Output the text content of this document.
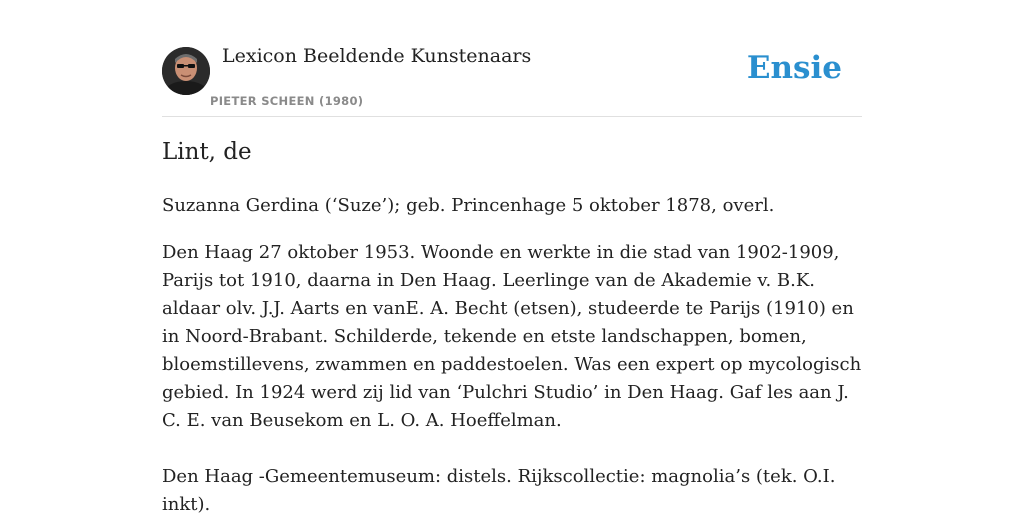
Lexicon Beeldende Kunstenaars
PIETER SCHEEN (1980)
Ensie
Lint, de

Suzanna Gerdina (‘Suze’); geb. Princenhage 5 oktober 1878, overl.

Den Haag 27 oktober 1953. Woonde en werkte in die stad van 1902-1909, Parijs tot 1910, daarna in Den Haag. Leerlinge van de Akademie v. B.K. aldaar olv. J.J. Aarts en vanE. A. Becht (etsen), studeerde te Parijs (1910) en in Noord-Brabant. Schilderde, tekende en etste landschappen, bomen, bloemstillevens, zwammen en paddestoelen. Was een expert op mycologisch gebied. In 1924 werd zij lid van ‘Pulchri Studio’ in Den Haag. Gaf les aan J. C. E. van Beusekom en L. O. A. Hoeffelman.

Den Haag -Gemeentemuseum: distels. Rijkscollectie: magnolia’s (tek. O.I. inkt).
